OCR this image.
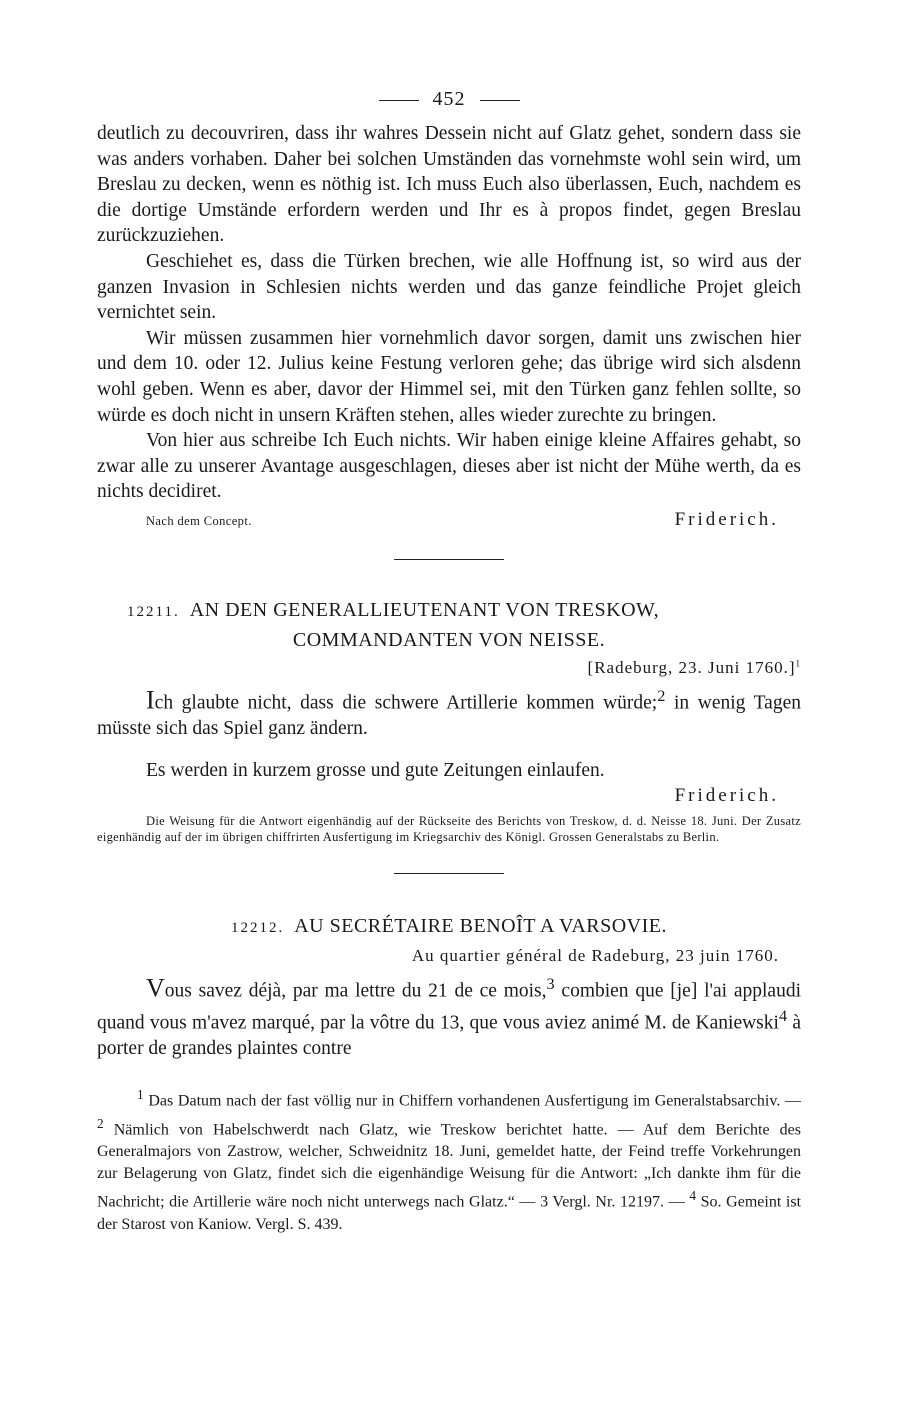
452

deutlich zu decouvriren, dass ihr wahres Dessein nicht auf Glatz gehet, sondern dass sie was anders vorhaben. Daher bei solchen Umständen das vornehmste wohl sein wird, um Breslau zu decken, wenn es nöthig ist. Ich muss Euch also überlassen, Euch, nachdem es die dortige Umstände erfordern werden und Ihr es à propos findet, gegen Breslau zurückzuziehen.

Geschiehet es, dass die Türken brechen, wie alle Hoffnung ist, so wird aus der ganzen Invasion in Schlesien nichts werden und das ganze feindliche Projet gleich vernichtet sein.

Wir müssen zusammen hier vornehmlich davor sorgen, damit uns zwischen hier und dem 10. oder 12. Julius keine Festung verloren gehe; das übrige wird sich alsdenn wohl geben. Wenn es aber, davor der Himmel sei, mit den Türken ganz fehlen sollte, so würde es doch nicht in unsern Kräften stehen, alles wieder zurechte zu bringen.

Von hier aus schreibe Ich Euch nichts. Wir haben einige kleine Affaires gehabt, so zwar alle zu unserer Avantage ausgeschlagen, dieses aber ist nicht der Mühe werth, da es nichts decidiret.

Nach dem Concept.	Friderich.
12211. AN DEN GENERALLIEUTENANT VON TRESKOW,
COMMANDANTEN VON NEISSE.
[Radeburg, 23. Juni 1760.]$^1$

Ich glaubte nicht, dass die schwere Artillerie kommen würde;$^2$ in wenig Tagen müsste sich das Spiel ganz ändern.

Es werden in kurzem grosse und gute Zeitungen einlaufen.

Friderich.
Die Weisung für die Antwort eigenhändig auf der Rückseite des Berichts von Treskow, d. d. Neisse 18. Juni. Der Zusatz eigenhändig auf der im übrigen chiffrirten Ausfertigung im Kriegsarchiv des Königl. Grossen Generalstabs zu Berlin.
12212. AU SECRÉTAIRE BENOÎT A VARSOVIE.
Au quartier général de Radeburg, 23 juin 1760.

Vous savez déjà, par ma lettre du 21 de ce mois,$^3$ combien que [je] l'ai applaudi quand vous m'avez marqué, par la vôtre du 13, que vous aviez animé M. de Kaniewski$^4$ à porter de grandes plaintes contre

$^1$ Das Datum nach der fast völlig nur in Chiffern vorhandenen Ausfertigung im Generalstabsarchiv. — $^2$ Nämlich von Habelschwerdt nach Glatz, wie Treskow berichtet hatte. — Auf dem Berichte des Generalmajors von Zastrow, welcher, Schweidnitz 18. Juni, gemeldet hatte, der Feind treffe Vorkehrungen zur Belagerung von Glatz, findet sich die eigenhändige Weisung für die Antwort: „Ich dankte ihm für die Nachricht; die Artillerie wäre noch nicht unterwegs nach Glatz.“ — 3 Vergl. Nr. 12197. — $^4$ So. Gemeint ist der Starost von Kaniow. Vergl. S. 439.
